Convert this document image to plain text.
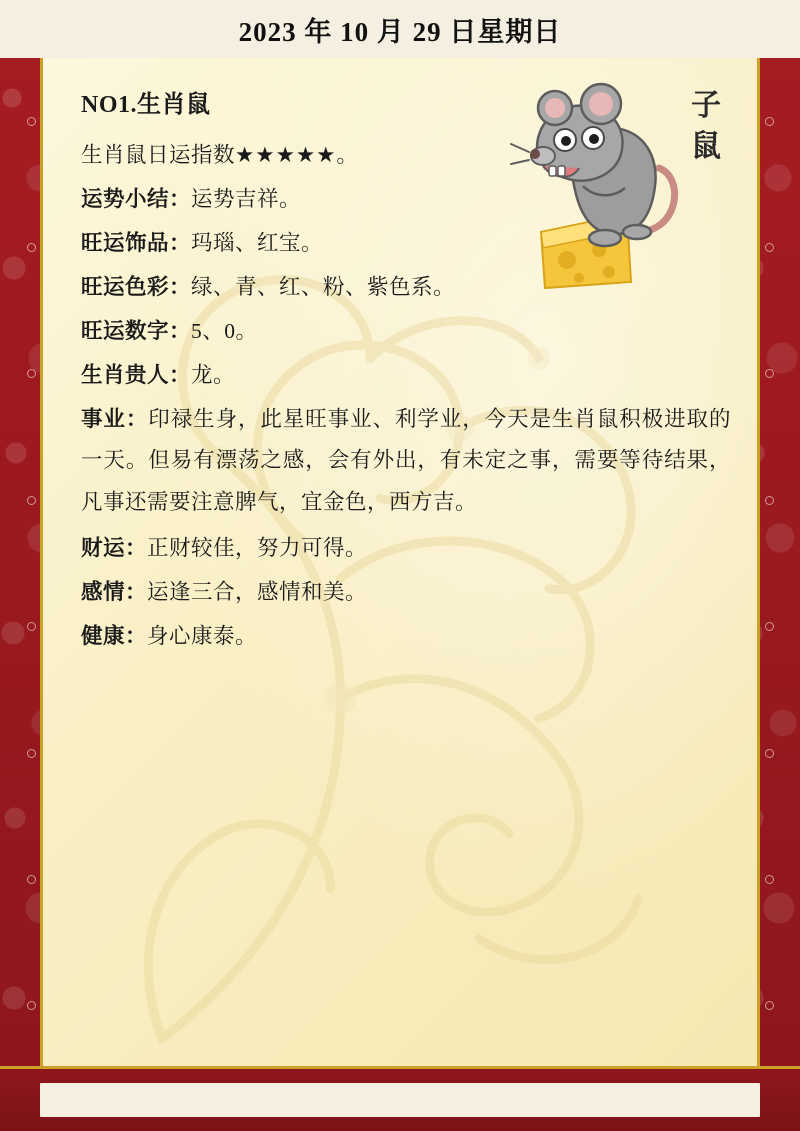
2023 年 10 月 29 日星期日
子
鼠
NO1.生肖鼠

生肖鼠日运指数★★★★★。

运势小结：运势吉祥。

旺运饰品：玛瑙、红宝。

旺运色彩：绿、青、红、粉、紫色系。

旺运数字：5、0。

生肖贵人：龙。

事业：印禄生身，此星旺事业、利学业，今天是生肖鼠积极进取的一天。但易有漂荡之感，会有外出，有未定之事，需要等待结果，凡事还需要注意脾气，宜金色，西方吉。

财运：正财较佳，努力可得。

感情：运逢三合，感情和美。

健康：身心康泰。
